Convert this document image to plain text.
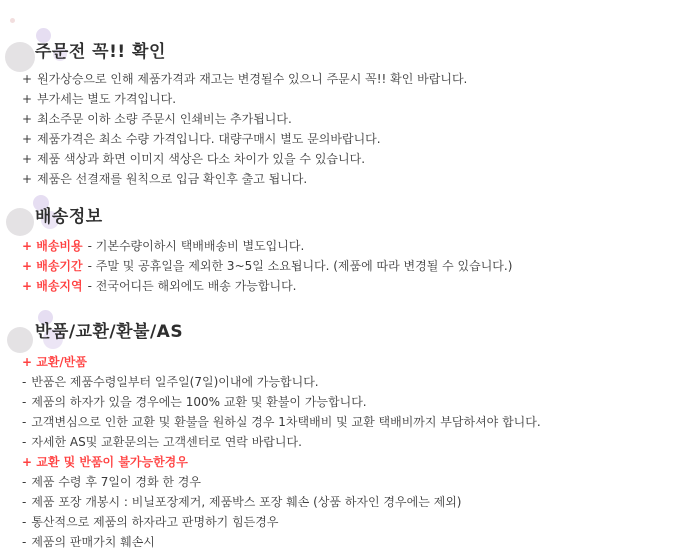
주문전 꼭!! 확인

+ 원가상승으로 인해 제품가격과 재고는 변경될수 있으니 주문시 꼭!! 확인 바랍니다.

+ 부가세는 별도 가격입니다.

+ 최소주문 이하 소량 주문시 인쇄비는 추가됩니다.

+ 제품가격은 최소 수량 가격입니다. 대량구매시 별도 문의바랍니다.

+ 제품 색상과 화면 이미지 색상은 다소 차이가 있을 수 있습니다.

+ 제품은 선결재를 원칙으로 입금 확인후 출고 됩니다.

배송정보

+ 배송비용 - 기본수량이하시 택배배송비 별도입니다.

+ 배송기간 - 주말 및 공휴일을 제외한 3~5일 소요됩니다. (제품에 따라 변경될 수 있습니다.)

+ 배송지역 - 전국어디든 해외에도 배송 가능합니다.

반품/교환/환불/AS

+ 교환/반품

- 반품은 제품수령일부터 일주일(7일)이내에 가능합니다.

- 제품의 하자가 있을 경우에는 100% 교환 및 환불이 가능합니다.

- 고객변심으로 인한 교환 및 환불을 원하실 경우 1차택배비 및 교환 택배비까지 부담하셔야 합니다.

- 자세한 AS및 교환문의는 고객센터로 연락 바랍니다.

+ 교환 및 반품이 불가능한경우

- 제품 수령 후 7일이 경화 한 경우

- 제품 포장 개봉시 : 비닐포장제거, 제품박스 포장 훼손 (상품 하자인 경우에는 제외)

- 통산적으로 제품의 하자라고 판명하기 힘든경우

- 제품의 판매가치 훼손시
